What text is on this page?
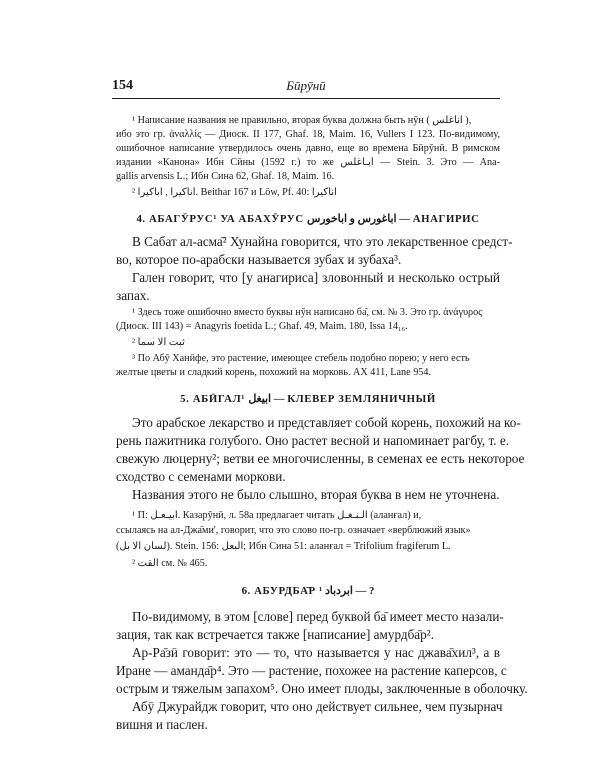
154	Бӣрӯнӣ
¹ Написание названия не правильно, вторая буква должна быть нӯн ( اناغلس ),
ибо это гр. ἀναλλίς — Диоск. II 177, Ghaf. 18, Maim. 16, Vullers I 123. По-видимому,
ошибочное написание утвердилось очень давно, еще во времена Бӣрӯнӣ. В римском
издании «Канона» Ибн Сӣны (1592 г.) то же ابـاغلس — Stein. 3. Это — Ana-
gallis arvensis L.; Ибн Сина 62, Ghaf. 18, Maim. 16.
² اناكيرا , اباكيرا. Beithar 167 и Löw, Pf. 40: اناكيرا
4. АБАГӮРУС¹ УА АБАХӮРУС اباغورس و اباخورس — АНАГИРИС
В Сабат ал-асма̄² Хунайна говорится, что это лекарственное средст-
во, которое по-арабски называется зубах и зубаха³.
Гален говорит, что [у анагириса] зловонный и несколько острый
запах.
¹ Здесь тоже ошибочно вместо буквы нӯн написано ба̄, см. № 3. Это гр. ἀνάγυρος
(Диоск. III 143) = Anagyris foetida L.; Ghaf. 49, Maim. 180, Issa 14₁₆.
² ثبت الا سما
³ По Абӯ Ханӣфе, это растение, имеющее стебель подобно порею; у него есть
желтые цветы и сладкий корень, похожий на морковь. AX 411, Lane 954.
5. АБӢГАЛ¹ ابيغل — КЛЕВЕР ЗЕМЛЯНИЧНЫЙ
Это арабское лекарство и представляет собой корень, похожий на ко-
рень пажитника голубого. Оно растет весной и напоминает рагбу, т. е.
свежую люцерну²; ветви ее многочисленны, в семенах ее есть некоторое
сходство с семенами моркови.
Названия этого не было слышно, вторая буква в нем не уточнена.
¹ П: ابيـعـل. Казарӯнӣ, л. 58а предлагает читать الـنـغـل (аланғал) и,
ссылаясь на ал-Джа̄ми', говорит, что это слово по-гр. означает «верблюжий язык»
(لسان الا بل). Stein. 156: البعل; Ибн Сина 51: аланғал = Trifolium fragiferum L.
² القت см. № 465.
6. АБУРДБА̄Р ابردباد ¹ — ?
По-видимому, в этом [слове] перед буквой ба̄ имеет место назали-
зация, так как встречается также [написание] амурдба̄р².
Ар-Ра̄зӣ говорит: это — то, что называется у нас джава̄хил³, а в
Иране — аманда̄р⁴. Это — растение, похожее на растение каперсов, с
острым и тяжелым запахом⁵. Оно имеет плоды, заключенные в оболочку.
Абӯ Джурайдж говорит, что оно действует сильнее, чем пузырнач
вишня и паслен.
